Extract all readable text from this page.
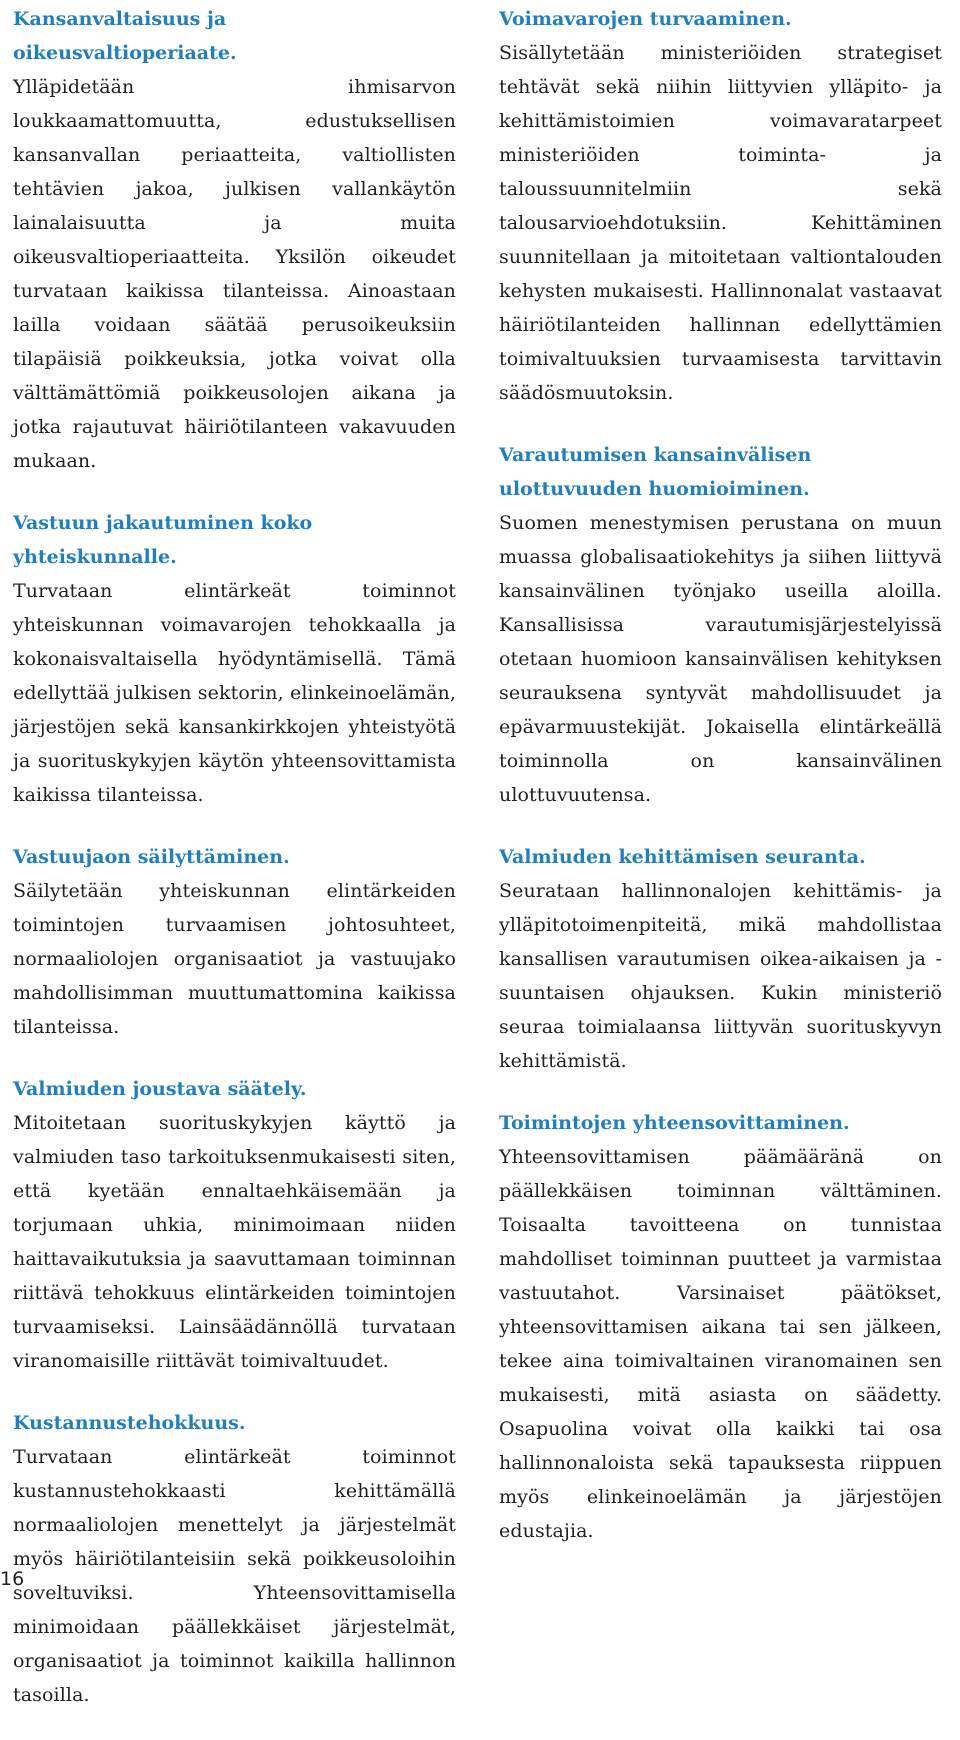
Kansanvaltaisuus ja oikeusvaltioperiaate.

Ylläpidetään ihmisarvon loukkaamattomuutta, edustuksellisen kansanvallan periaatteita, valtiollisten tehtävien jakoa, julkisen vallankäytön lainalaisuutta ja muita oikeusvaltioperiaatteita. Yksilön oikeudet turvataan kaikissa tilanteissa. Ainoastaan lailla voidaan säätää perusoikeuksiin tilapäisiä poikkeuksia, jotka voivat olla välttämättömiä poikkeusolojen aikana ja jotka rajautuvat häiriötilanteen vakavuuden mukaan.

Vastuun jakautuminen koko yhteiskunnalle.

Turvataan elintärkeät toiminnot yhteiskunnan voimavarojen tehokkaalla ja kokonaisvaltaisella hyödyntämisellä. Tämä edellyttää julkisen sektorin, elinkeinoelämän, järjestöjen sekä kansankirkkojen yhteistyötä ja suorituskykyjen käytön yhteensovittamista kaikissa tilanteissa.

Vastuujaon säilyttäminen.

Säilytetään yhteiskunnan elintärkeiden toimintojen turvaamisen johtosuhteet, normaaliolojen organisaatiot ja vastuujako mahdollisimman muuttumattomina kaikissa tilanteissa.

Valmiuden joustava säätely.

Mitoitetaan suorituskykyjen käyttö ja valmiuden taso tarkoituksenmukaisesti siten, että kyetään ennaltaehkäisemään ja torjumaan uhkia, minimoimaan niiden haittavaikutuksia ja saavuttamaan toiminnan riittävä tehokkuus elintärkeiden toimintojen turvaamiseksi. Lainsäädännöllä turvataan viranomaisille riittävät toimivaltuudet.

Kustannustehokkuus.

Turvataan elintärkeät toiminnot kustannustehokkaasti kehittämällä normaaliolojen menettelyt ja järjestelmät myös häiriötilanteisiin sekä poikkeusoloihin soveltuviksi. Yhteensovittamisella minimoidaan päällekkäiset järjestelmät, organisaatiot ja toiminnot kaikilla hallinnon tasoilla.

Voimavarojen turvaaminen.

Sisällytetään ministeriöiden strategiset tehtävät sekä niihin liittyvien ylläpito- ja kehittämistoimien voimavaratarpeet ministeriöiden toiminta- ja taloussuunnitelmiin sekä talousarvioehdotuksiin. Kehittäminen suunnitellaan ja mitoitetaan valtiontalouden kehysten mukaisesti. Hallinnonalat vastaavat häiriötilanteiden hallinnan edellyttämien toimivaltuuksien turvaamisesta tarvittavin säädösmuutoksin.

Varautumisen kansainvälisen ulottuvuuden huomioiminen.

Suomen menestymisen perustana on muun muassa globalisaatiokehitys ja siihen liittyvä kansainvälinen työnjako useilla aloilla. Kansallisissa varautumisjärjestelyissä otetaan huomioon kansainvälisen kehityksen seurauksena syntyvät mahdollisuudet ja epävarmuustekijät. Jokaisella elintärkeällä toiminnolla on kansainvälinen ulottuvuutensa.

Valmiuden kehittämisen seuranta.

Seurataan hallinnonalojen kehittämis- ja ylläpitotoimenpiteitä, mikä mahdollistaa kansallisen varautumisen oikea-aikaisen ja -suuntaisen ohjauksen. Kukin ministeriö seuraa toimialaansa liittyvän suorituskyvyn kehittämistä.

Toimintojen yhteensovittaminen.

Yhteensovittamisen päämääränä on päällekkäisen toiminnan välttäminen. Toisaalta tavoitteena on tunnistaa mahdolliset toiminnan puutteet ja varmistaa vastuutahot. Varsinaiset päätökset, yhteensovittamisen aikana tai sen jälkeen, tekee aina toimivaltainen viranomainen sen mukaisesti, mitä asiasta on säädetty. Osapuolina voivat olla kaikki tai osa hallinnonaloista sekä tapauksesta riippuen myös elinkeinoelämän ja järjestöjen edustajia.

16
